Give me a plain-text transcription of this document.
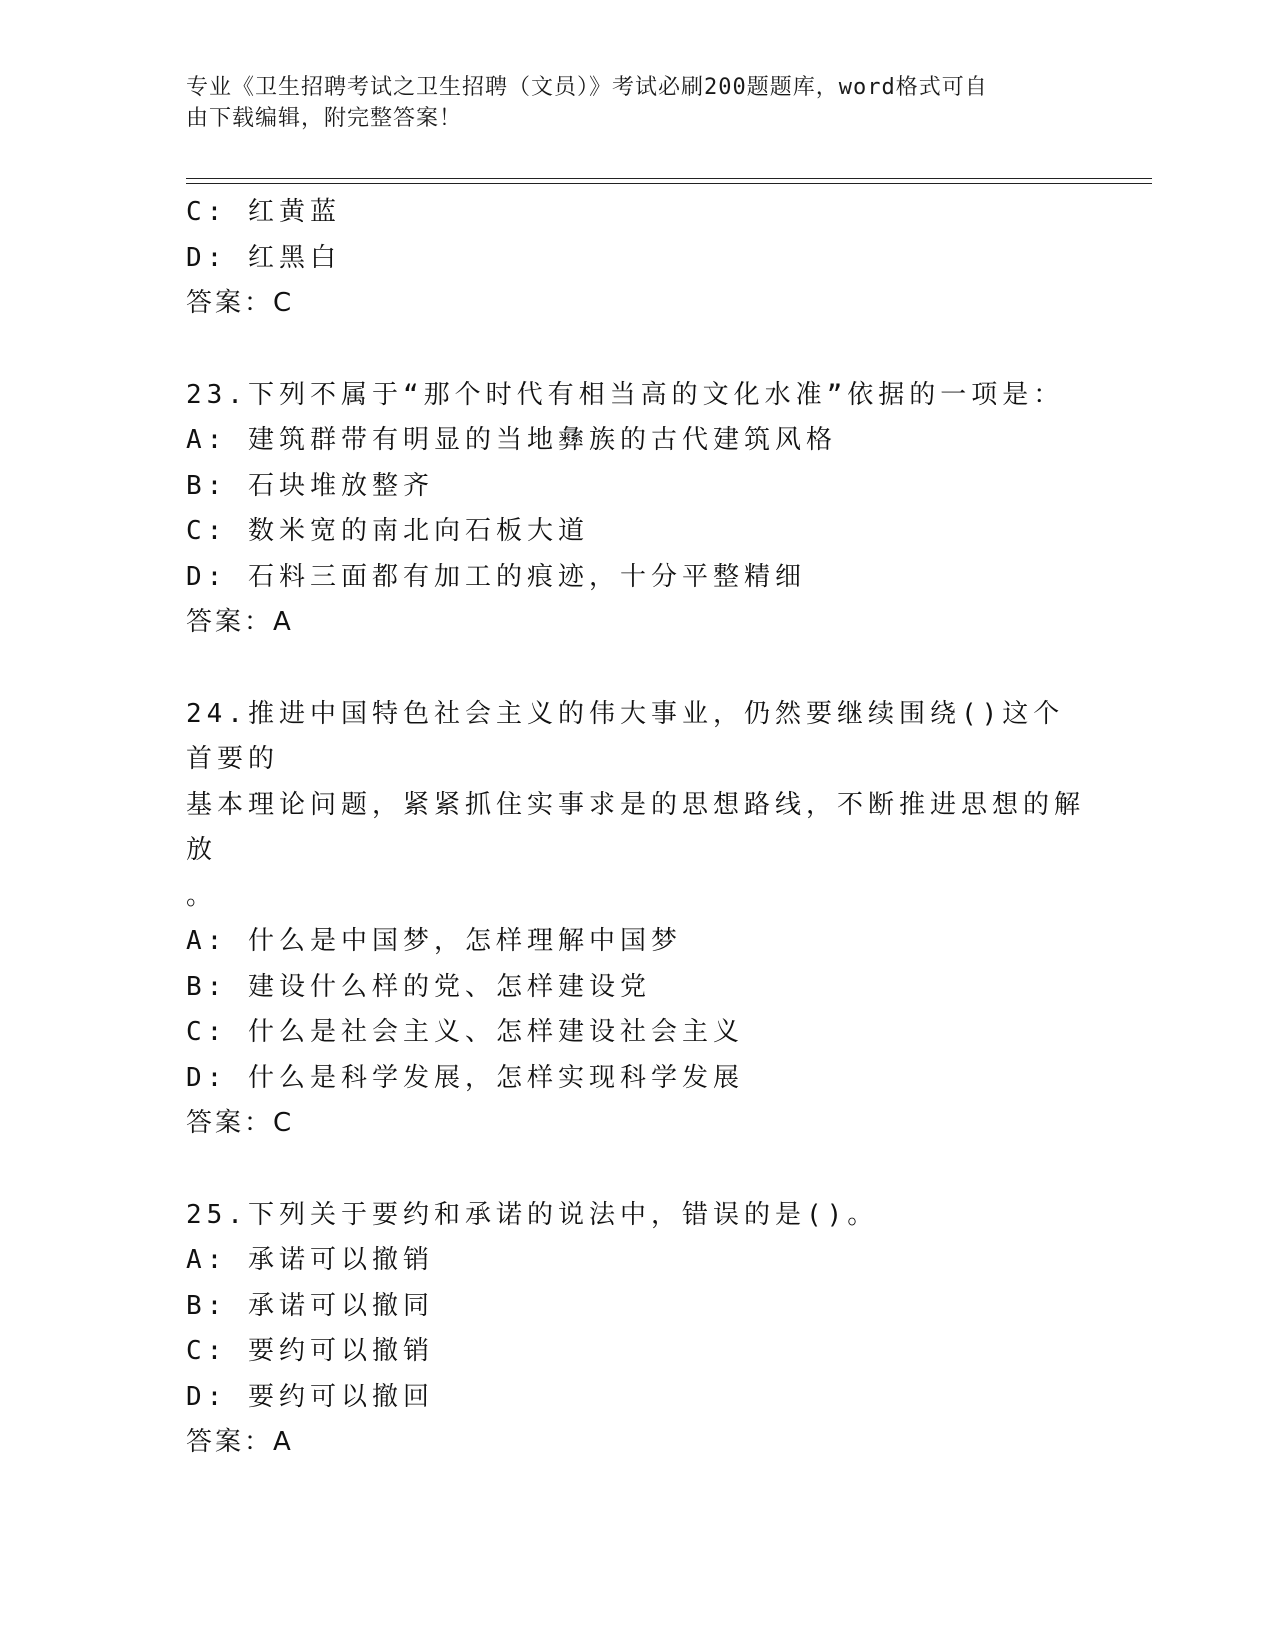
专业《卫生招聘考试之卫生招聘（文员）》考试必刷200题题库，word格式可自
由下载编辑，附完整答案！
C: 红黄蓝
D: 红黑白
答案：C
23.下列不属于“那个时代有相当高的文化水准”依据的一项是：
A: 建筑群带有明显的当地彝族的古代建筑风格
B: 石块堆放整齐
C: 数米宽的南北向石板大道
D: 石料三面都有加工的痕迹，十分平整精细
答案：A
24.推进中国特色社会主义的伟大事业，仍然要继续围绕()这个首要的
基本理论问题，紧紧抓住实事求是的思想路线，不断推进思想的解放
。
A: 什么是中国梦，怎样理解中国梦
B: 建设什么样的党、怎样建设党
C: 什么是社会主义、怎样建设社会主义
D: 什么是科学发展，怎样实现科学发展
答案：C
25.下列关于要约和承诺的说法中，错误的是()。
A: 承诺可以撤销
B: 承诺可以撤同
C: 要约可以撤销
D: 要约可以撤回
答案：A
